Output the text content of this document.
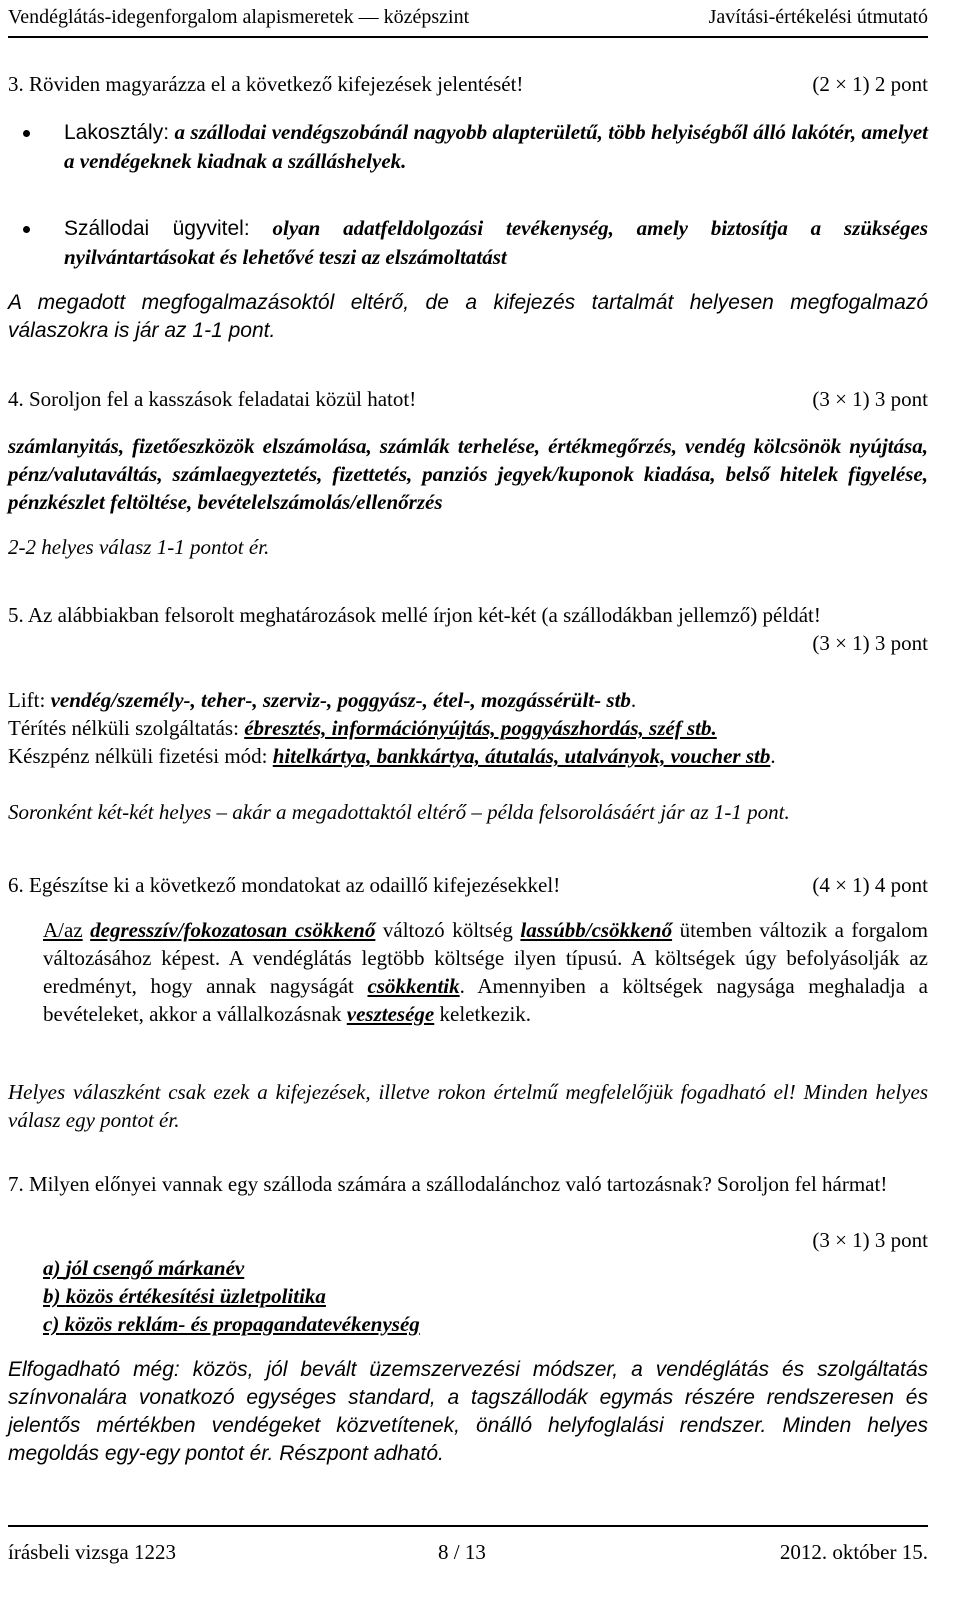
Vendéglátás-idegenforgalom alapismeretek — középszint	Javítási-értékelési útmutató
3. Röviden magyarázza el a következő kifejezések jelentését!	(2 × 1) 2 pont
Lakosztály: a szállodai vendégszobánál nagyobb alapterületű, több helyiségből álló lakótér, amelyet a vendégeknek kiadnak a szálláshelyek.
Szállodai ügyvitel: olyan adatfeldolgozási tevékenység, amely biztosítja a szükséges nyilvántartásokat és lehetővé teszi az elszámoltatást
A megadott megfogalmazásoktól eltérő, de a kifejezés tartalmát helyesen megfogalmazó válaszokra is jár az 1-1 pont.
4. Soroljon fel a kasszások feladatai közül hatot!	(3 × 1) 3 pont
számlanyitás, fizetőeszközök elszámolása, számlák terhelése, értékmegőrzés, vendég kölcsönök nyújtása, pénz/valutaváltás, számlaegyeztetés, fizettetés, panziós jegyek/kuponok kiadása, belső hitelek figyelése, pénzkészlet feltöltése, bevételelszámolás/ellenőrzés
2-2 helyes válasz 1-1 pontot ér.
5. Az alábbiakban felsorolt meghatározások mellé írjon két-két (a szállodákban jellemző) példát!
(3 × 1) 3 pont
Lift: vendég/személy-, teher-, szerviz-, poggyász-, étel-, mozgássérült- stb.
Térítés nélküli szolgáltatás: ébresztés, információnyújtás, poggyászhordás, széf stb.
Készpénz nélküli fizetési mód: hitelkártya, bankkártya, átutalás, utalványok, voucher stb.
Soronként két-két helyes – akár a megadottaktól eltérő – példa felsorolásáért jár az 1-1 pont.
6. Egészítse ki a következő mondatokat az odaillő kifejezésekkel!	(4 × 1) 4 pont
A/az degresszív/fokozatosan csökkenő változó költség lassúbb/csökkenő ütemben változik a forgalom változásához képest. A vendéglátás legtöbb költsége ilyen típusú. A költségek úgy befolyásolják az eredményt, hogy annak nagyságát csökkentik. Amennyiben a költségek nagysága meghaladja a bevételeket, akkor a vállalkozásnak vesztesége keletkezik.
Helyes válaszként csak ezek a kifejezések, illetve rokon értelmű megfelelőjük fogadható el! Minden helyes válasz egy pontot ér.
7. Milyen előnyei vannak egy szálloda számára a szállodalánchoz való tartozásnak? Soroljon fel hármat!
(3 × 1) 3 pont
a) jól csengő márkanév
b) közös értékesítési üzletpolitika
c) közös reklám- és propagandatevékenység
Elfogadható még: közös, jól bevált üzemszervezési módszer, a vendéglátás és szolgáltatás színvonalára vonatkozó egységes standard, a tagszállodák egymás részére rendszeresen és jelentős mértékben vendégeket közvetítenek, önálló helyfoglalási rendszer. Minden helyes megoldás egy-egy pontot ér. Részpont adható.
írásbeli vizsga 1223	8 / 13	2012. október 15.
